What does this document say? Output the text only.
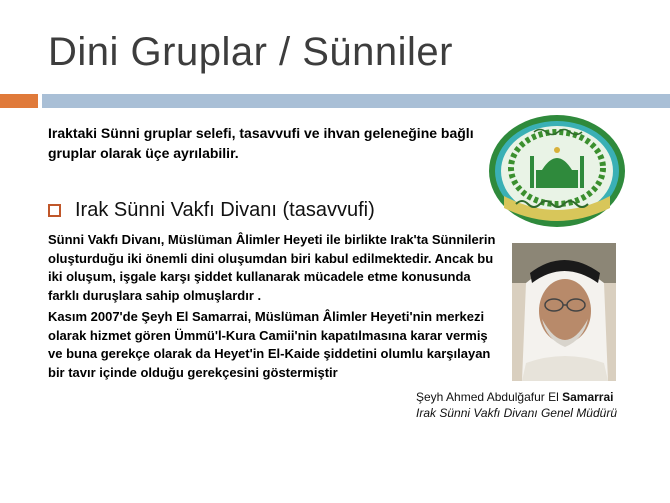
Dini Gruplar / Sünniler
Iraktaki Sünni gruplar selefi, tasavvufi ve ihvan geleneğine bağlı gruplar olarak üçe ayrılabilir.
Irak Sünni Vakfı Divanı (tasavvufi)
Sünni Vakfı Divanı, Müslüman Âlimler Heyeti ile birlikte Irak'ta Sünnilerin oluşturduğu iki önemli dini oluşumdan biri kabul edilmektedir. Ancak bu iki oluşum, işgale karşı şiddet kullanarak mücadele etme konusunda farklı duruşlara sahip olmuşlardır .
Kasım 2007'de Şeyh El Samarrai, Müslüman Âlimler Heyeti'nin merkezi olarak hizmet gören Ümmü'l-Kura Camii'nin kapatılmasına karar vermiş ve buna gerekçe olarak da Heyet'in El-Kaide şiddetini olumlu karşılayan bir tavır içinde olduğu gerekçesini göstermiştir
Şeyh Ahmed Abdulğafur El Samarrai
Irak Sünni Vakfı Divanı Genel Müdürü
